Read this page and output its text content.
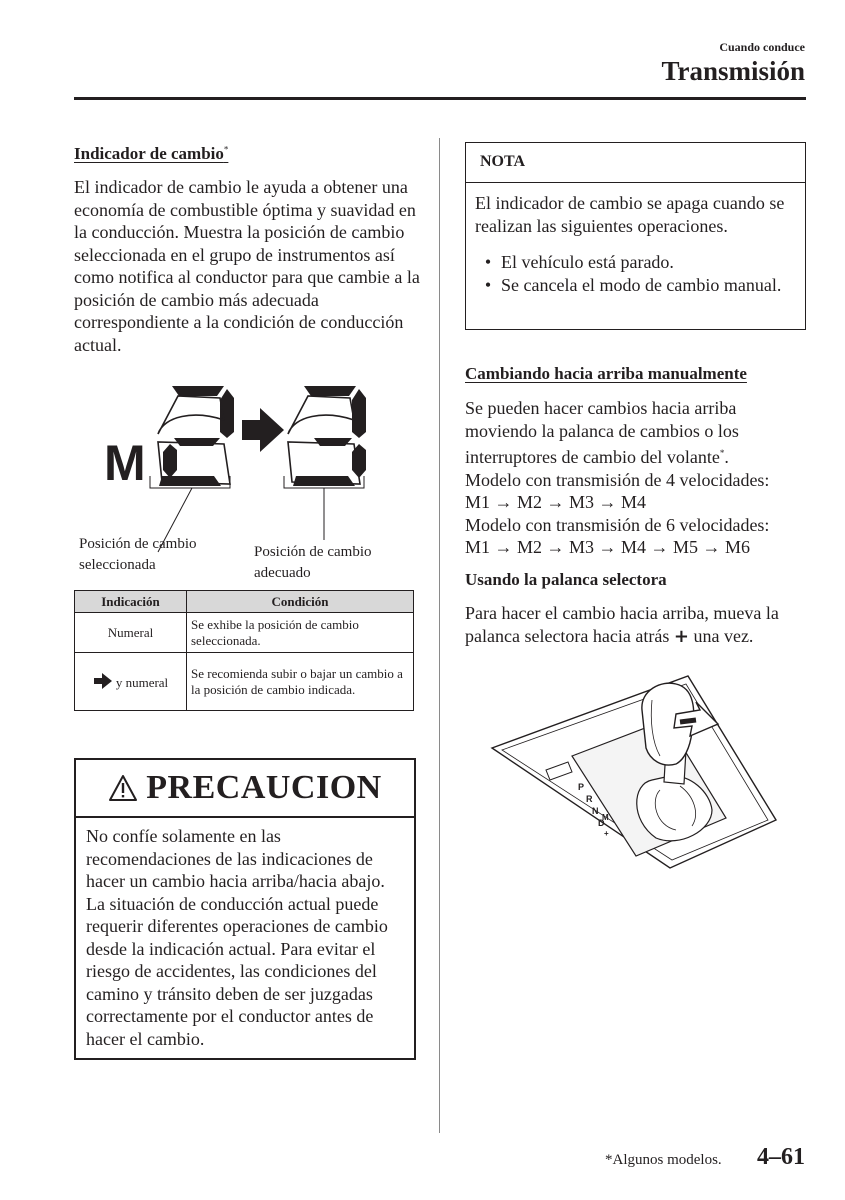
Cuando conduce
Transmisión
Indicador de cambio*
El indicador de cambio le ayuda a obtener una economía de combustible óptima y suavidad en la conducción. Muestra la posición de cambio seleccionada en el grupo de instrumentos así como notifica al conductor para que cambie a la posición de cambio más adecuada correspondiente a la condición de conducción actual.
M
Posición de cambio
seleccionada
Posición de cambio
adecuado
Indicación	Condición
Numeral	Se exhibe la posición de cambio seleccionada.
y numeral	Se recomienda subir o bajar un cambio a la posición de cambio indicada.
PRECAUCION
No confíe solamente en las recomendaciones de las indicaciones de hacer un cambio hacia arriba/hacia abajo. La situación de conducción actual puede requerir diferentes operaciones de cambio desde la indicación actual. Para evitar el riesgo de accidentes, las condiciones del camino y tránsito deben de ser juzgadas correctamente por el conductor antes de hacer el cambio.
NOTA
El indicador de cambio se apaga cuando se realizan las siguientes operaciones.
• El vehículo está parado.
• Se cancela el modo de cambio manual.
Cambiando hacia arriba manualmente
Se pueden hacer cambios hacia arriba
moviendo la palanca de cambios o los
interruptores de cambio del volante*.
Modelo con transmisión de 4 velocidades:
M1 → M2 → M3 → M4
Modelo con transmisión de 6 velocidades:
M1 → M2 → M3 → M4 → M5 → M6
Usando la palanca selectora
Para hacer el cambio hacia arriba, mueva la palanca selectora hacia atrás + una vez.
P
R
N
M
D
+
*Algunos modelos. 4–61
